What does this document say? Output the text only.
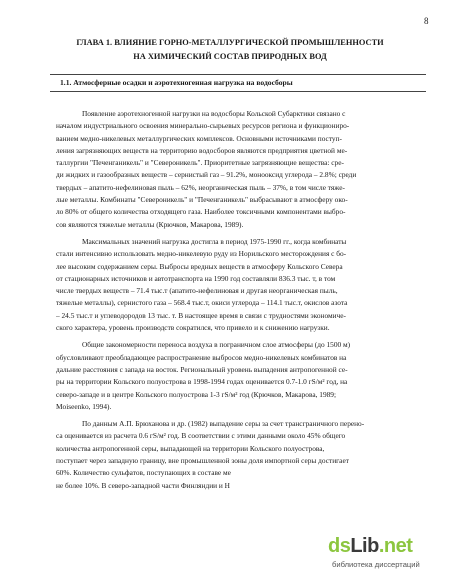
8
ГЛАВА 1. ВЛИЯНИЕ ГОРНО-МЕТАЛЛУРГИЧЕСКОЙ ПРОМЫШЛЕННОСТИ
НА ХИМИЧЕСКИЙ СОСТАВ ПРИРОДНЫХ ВОД
1.1. Атмосферные осадки и аэротехногенная нагрузка на водосборы
Появление аэротехногенной нагрузки на водосборы Кольской Субарктики связано с
началом индустриального освоения минерально-сырьевых ресурсов региона и функциониро-
ванием медно-никелевых металлургических комплексов. Основными источниками поступ-
ления загрязняющих веществ на территорию водосборов являются предприятия цветной ме-
таллургии "Печенганикель" и "Североникель". Приоритетные загрязняющие вещества: сре-
ди жидких и газообразных веществ – сернистый газ – 91.2%, монооксид углерода – 2.8%; среди
твердых – апатито-нефелиновая пыль – 62%, неорганическая пыль – 37%, в том числе тяже-
лые металлы. Комбинаты "Североникель" и "Печенганикель" выбрасывают в атмосферу око-
ло 80% от общего количества отходящего газа. Наиболее токсичными компонентами выбро-
сов являются тяжелые металлы (Крючков, Макарова, 1989).
Максимальных значений нагрузка достигла в период 1975-1990 гг., когда комбинаты
стали интенсивно использовать медно-никелевую руду из Норильского месторождения с бо-
лее высоким содержанием серы. Выбросы вредных веществ в атмосферу Кольского Севера
от стационарных источников и автотранспорта на 1990 год составляли 836.3 тыс. т, в том
числе твердых веществ – 71.4 тыс.т (апатито-нефелиновая и другая неорганическая пыль,
тяжелые металлы), сернистого газа – 568.4 тыс.т, окиси углерода – 114.1 тыс.т, окислов азота
– 24.5 тыс.т и углеводородов 13 тыс. т. В настоящее время в связи с трудностями экономиче-
ского характера, уровень производств сократился, что привело и к снижению нагрузки.
Общие закономерности переноса воздуха в пограничном слое атмосферы (до 1500 м)
обусловливают преобладающее распространение выбросов медно-никелевых комбинатов на
дальние расстояния с запада на восток. Региональный уровень выпадения антропогенной се-
ры на территории Кольского полуострова в 1998-1994 годах оценивается 0.7-1.0 гS/м² год, на
северо-западе и в центре Кольского полуострова 1-3 гS/м² год (Крючков, Макарова, 1989;
Moiseenko, 1994).
По данным А.П. Брюханова и др. (1982) выпадение серы за счет трансграничного перено-
са оценивается из расчета 0.6 гS/м² год. В соответствии с этими данными около 45% общего
количества антропогенной серы, выпадающей на территории Кольского полуострова,
поступает через западную границу, вне промышленной зоны доля импортной серы достигает
60%. Количество сульфатов, поступающих в составе ме
не более 10%. В северо-западной части Финляндии и Н
dsLib.net
библиотека диссертаций
